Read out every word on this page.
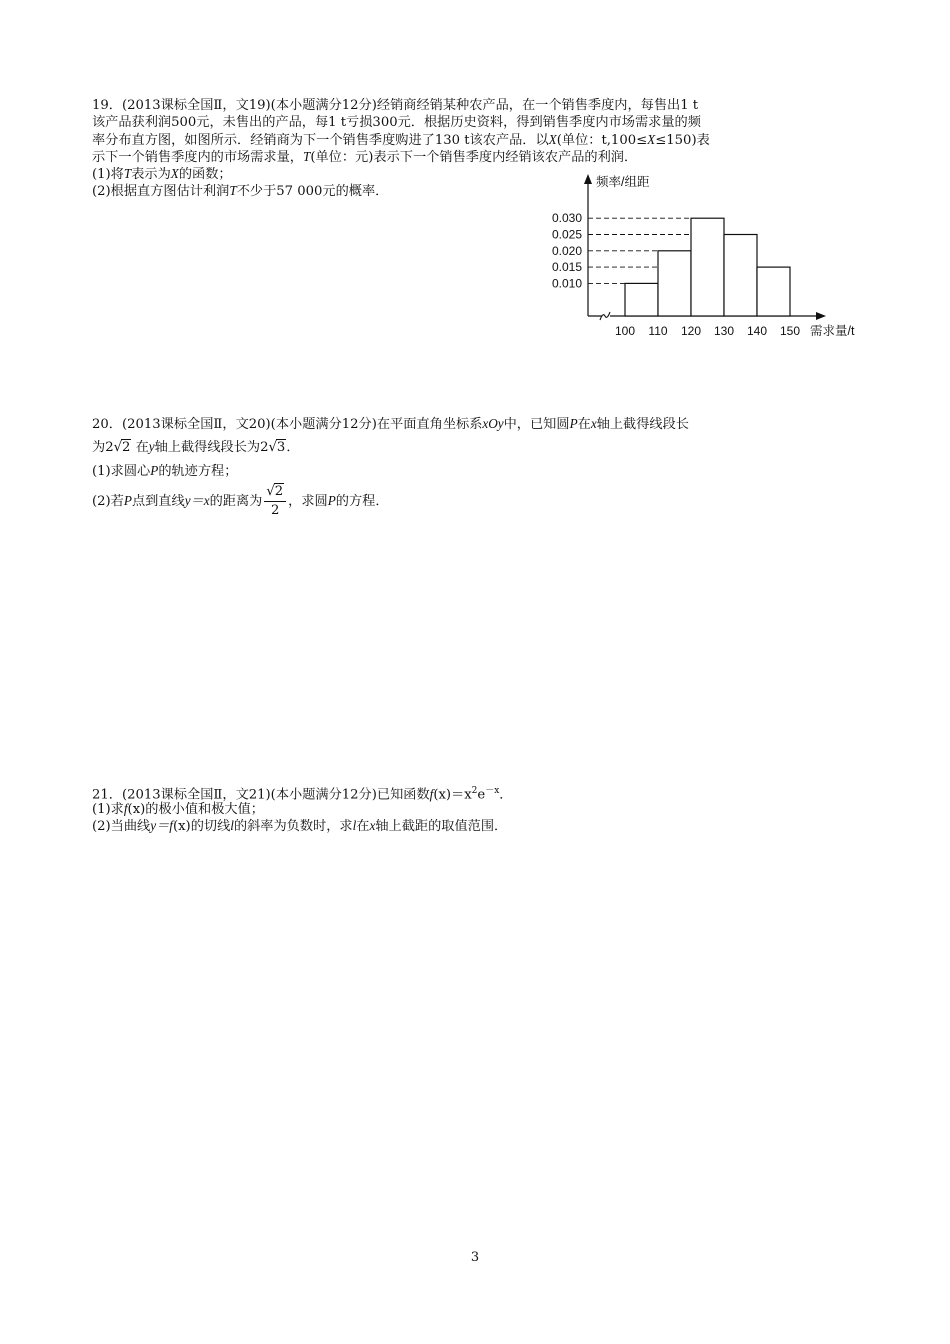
19．(2013课标全国Ⅱ，文19)(本小题满分12分)经销商经销某种农产品，在一个销售季度内，每售出1 t
该产品获利润500元，未售出的产品，每1 t亏损300元．根据历史资料，得到销售季度内市场需求量的频
率分布直方图，如图所示．经销商为下一个销售季度购进了130 t该农产品．以X(单位：t,100≤X≤150)表
示下一个销售季度内的市场需求量，T(单位：元)表示下一个销售季度内经销该农产品的利润．
(1)将T表示为X的函数；
(2)根据直方图估计利润T不少于57 000元的概率．
频率/组距
需求量/t
0.030
0.025
0.020
0.015
0.010
100 110 120 130 140 150
20．(2013课标全国Ⅱ，文20)(本小题满分12分)在平面直角坐标系xOy中，已知圆P在x轴上截得线段长
为2√2 在y轴上截得线段长为2√3．
(1)求圆心P的轨迹方程；
(2)若P点到直线y＝x的距离为 $\frac{√2}{2}$ ，求圆P的方程．
21．(2013课标全国Ⅱ，文21)(本小题满分12分)已知函数$f(x)=x^2e^{-x}$．
(1)求f(x)的极小值和极大值；
(2)当曲线y＝f(x)的切线l的斜率为负数时，求l在x轴上截距的取值范围．
3
